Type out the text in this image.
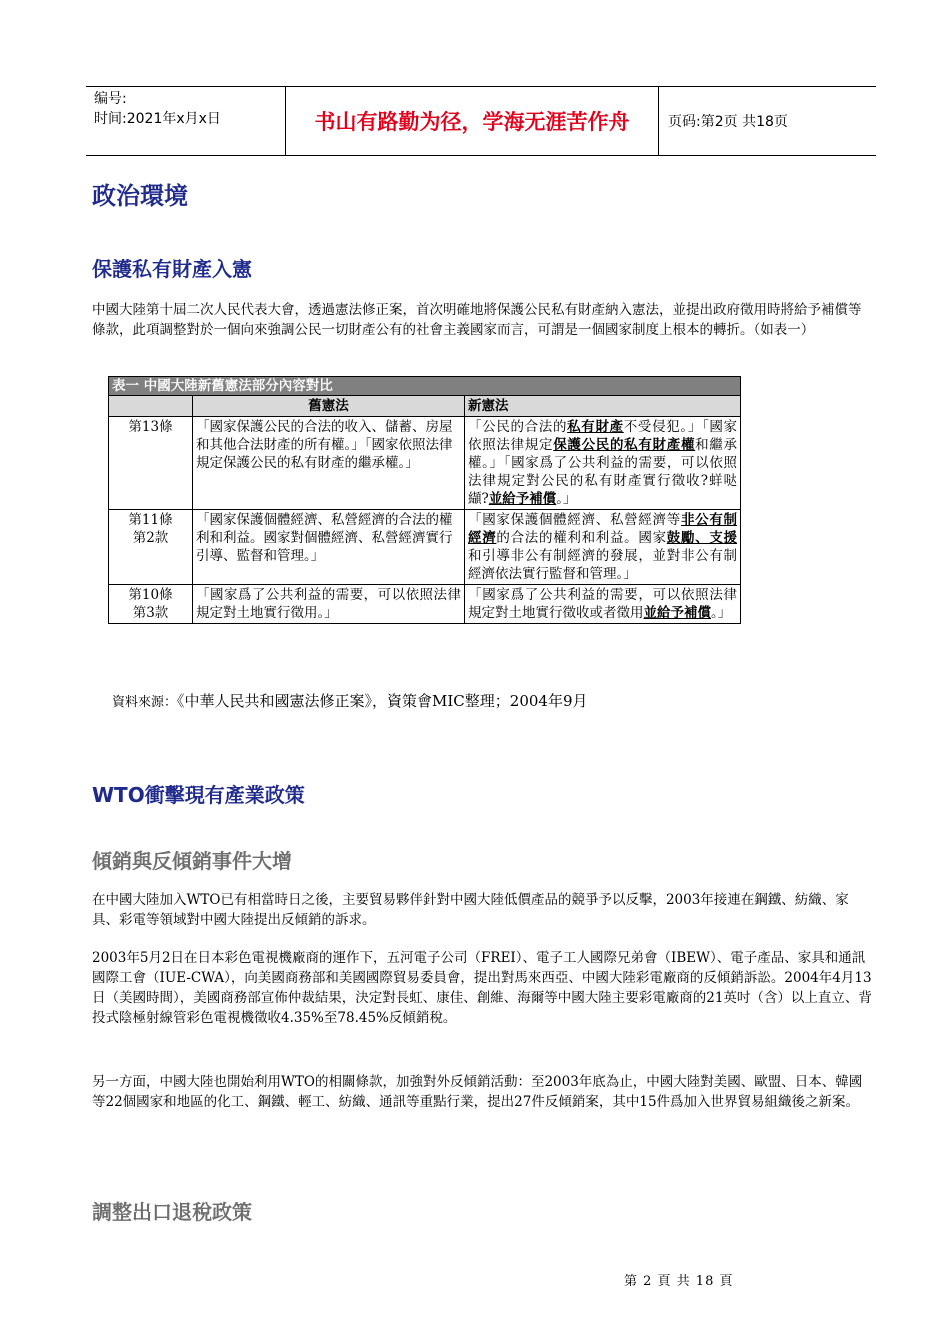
编号:
时间:2021年x月x日	书山有路勤为径，学海无涯苦作舟	页码:第2页 共18页
政治環境
保護私有財產入憲
中國大陸第十屆二次人民代表大會，透過憲法修正案，首次明確地將保護公民私有財產納入憲法，並提出政府徵用時將給予補償等條款，此項調整對於一個向來強調公民一切財產公有的社會主義國家而言，可謂是一個國家制度上根本的轉折。（如表一）
表一 中國大陸新舊憲法部分內容對比		
	舊憲法	新憲法
第13條	「國家保護公民的合法的收入、儲蓄、房屋和其他合法財產的所有權。」「國家依照法律規定保護公民的私有財產的繼承權。」	「公民的合法的私有財產不受侵犯。」「國家依照法律規定保護公民的私有財產權和繼承權。」「國家爲了公共利益的需要，可以依照法律規定對公民的私有財產實行徵收?蛘哒纈?並給予補償。」

第11條
第2款	「國家保護個體經濟、私營經濟的合法的權利和利益。國家對個體經濟、私營經濟實行引導、監督和管理。」	「國家保護個體經濟、私營經濟等非公有制經濟的合法的權利和利益。國家鼓勵、支援和引導非公有制經濟的發展，並對非公有制經濟依法實行監督和管理。」

第10條
第3款	「國家爲了公共利益的需要，可以依照法律規定對土地實行徵用。」	「國家爲了公共利益的需要，可以依照法律規定對土地實行徵收或者徵用並給予補償。」
資料來源：《中華人民共和國憲法修正案》，資策會MIC整理；2004年9月
WTO衝擊現有產業政策
傾銷與反傾銷事件大增
在中國大陸加入WTO已有相當時日之後，主要貿易夥伴針對中國大陸低價產品的競爭予以反擊，2003年接連在鋼鐵、紡織、家具、彩電等領域對中國大陸提出反傾銷的訴求。
2003年5月2日在日本彩色電視機廠商的運作下，五河電子公司（FREI）、電子工人國際兄弟會（IBEW）、電子產品、家具和通訊國際工會（IUE-CWA），向美國商務部和美國國際貿易委員會，提出對馬來西亞、中國大陸彩電廠商的反傾銷訴訟。2004年4月13日（美國時間），美國商務部宣佈仲裁結果，決定對長虹、康佳、創維、海爾等中國大陸主要彩電廠商的21英吋（含）以上直立、背投式陰極射線管彩色電視機徵收4.35%至78.45%反傾銷稅。
另一方面，中國大陸也開始利用WTO的相關條款，加強對外反傾銷活動：至2003年底為止，中國大陸對美國、歐盟、日本、韓國等22個國家和地區的化工、鋼鐵、輕工、紡織、通訊等重點行業，提出27件反傾銷案，其中15件爲加入世界貿易組織後之新案。
調整出口退稅政策
第 2 頁 共 18 頁
